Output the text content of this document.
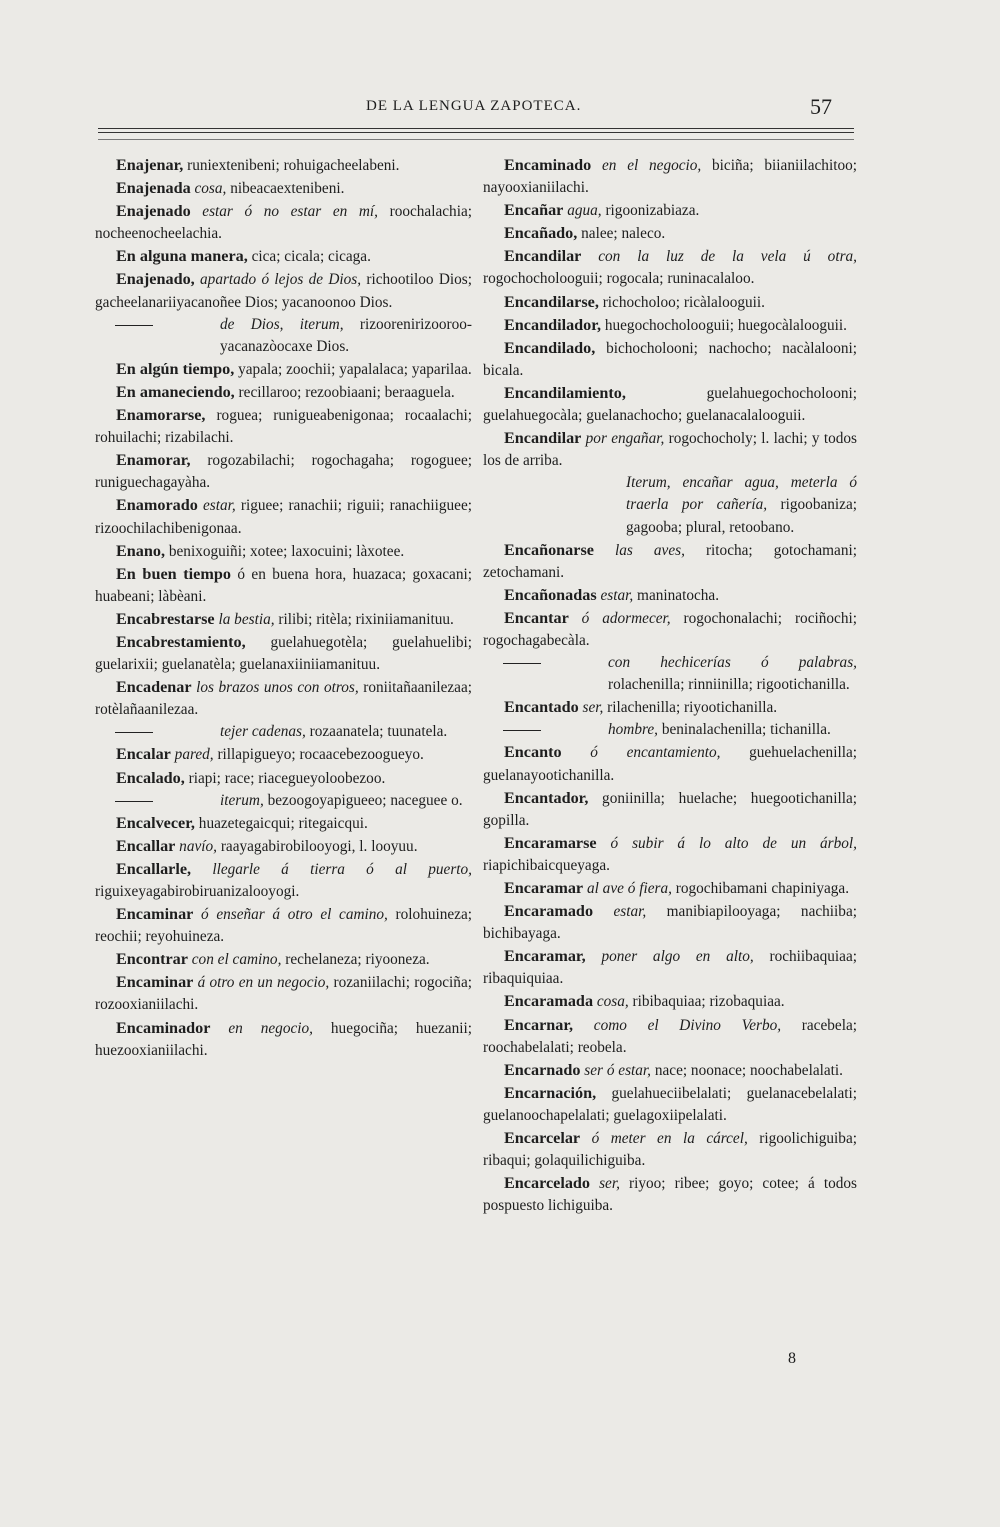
DE LA LENGUA ZAPOTECA.	57

Enajenar, runiextenibeni; rohuigacheelabeni.

Enajenada cosa, nibeacaextenibeni.

Enajenado estar ó no estar en mí, roochalachia; nocheenocheelachia.

En alguna manera, cica; cicala; cicaga.

Enajenado, apartado ó lejos de Dios, richootiloo Dios; gacheelanariiyacanoñee Dios; yacanoonoo Dios.

de Dios, iterum, rizoorenirizoorooyacanazòocaxe Dios.

En algún tiempo, yapala; zoochii; yapalalaca; yaparilaa.

En amaneciendo, recillaroo; rezoobiaani; beraaguela.

Enamorarse, roguea; runigueabenigonaa; rocaalachi; rohuilachi; rizabilachi.

Enamorar, rogozabilachi; rogochagaha; rogoguee; runiguechagayàha.

Enamorado estar, riguee; ranachii; riguii; ranachiiguee; rizoochilachibenigonaa.

Enano, benixoguiñi; xotee; laxocuini; làxotee.

En buen tiempo ó en buena hora, huazaca; goxacani; huabeani; làbèani.

Encabrestarse la bestia, rilibi; ritèla; rixiniiamanituu.

Encabrestamiento, guelahuegotèla; guelahuelibi; guelarixii; guelanatèla; guelanaxiiniiamanituu.

Encadenar los brazos unos con otros, roniitañaanilezaa; rotèlañaanilezaa.

tejer cadenas, rozaanatela; tuunatela.

Encalar pared, rillapigueyo; rocaacebezoogueyo.

Encalado, riapi; race; riacegueyoloobezoo.

iterum, bezoogoyapigueeo; naceguee o.

Encalvecer, huazetegaicqui; ritegaicqui.

Encallar navío, raayagabirobilooyogi, l. looyuu.

Encallarle, llegarle á tierra ó al puerto, riguixeyagabirobiruanizalooyogi.

Encaminar ó enseñar á otro el camino, rolohuineza; reochii; reyohuineza.

Encontrar con el camino, rechelaneza; riyooneza.

Encaminar á otro en un negocio, rozaniilachi; rogociña; rozooxianiilachi.

Encaminador en negocio, huegociña; huezanii; huezooxianiilachi.

Encaminado en el negocio, biciña; biianiilachitoo; nayooxianiilachi.

Encañar agua, rigoonizabiaza.

Encañado, nalee; naleco.

Encandilar con la luz de la vela ú otra, rogochocholooguii; rogocala; runinacalaloo.

Encandilarse, richocholoo; ricàlalooguii.

Encandilador, huegochocholooguii; huegocàlalooguii.

Encandilado, bichocholooni; nachocho; nacàlalooni; bicala.

Encandilamiento, guelahuegochocholooni; guelahuegocàla; guelanachocho; guelanacalalooguii.

Encandilar por engañar, rogochocholy; l. lachi; y todos los de arriba.

Iterum, encañar agua, meterla ó traerla por cañería, rigoobaniza; gagooba; plural, retoobano.

Encañonarse las aves, ritocha; gotochamani; zetochamani.

Encañonadas estar, maninatocha.

Encantar ó adormecer, rogochonalachi; rociñochi; rogochagabecàla.

con hechicerías ó palabras, rolachenilla; rinniinilla; rigootichanilla.

Encantado ser, rilachenilla; riyootichanilla.

hombre, beninalachenilla; tichanilla.

Encanto ó encantamiento, guehuelachenilla; guelanayootichanilla.

Encantador, goniinilla; huelache; huegootichanilla; gopilla.

Encaramarse ó subir á lo alto de un árbol, riapichibaicqueyaga.

Encaramar al ave ó fiera, rogochibamani chapiniyaga.

Encaramado estar, manibiapilooyaga; nachiiba; bichibayaga.

Encaramar, poner algo en alto, rochiibaquiaa; ribaquiquiaa.

Encaramada cosa, ribibaquiaa; rizobaquiaa.

Encarnar, como el Divino Verbo, racebela; roochabelalati; reobela.

Encarnado ser ó estar, nace; noonace; noochabelalati.

Encarnación, guelahueciibelalati; guelanacebelalati; guelanoochapelalati; guelagoxiipelalati.

Encarcelar ó meter en la cárcel, rigoolichiguiba; ribaqui; golaquilichiguiba.

Encarcelado ser, riyoo; ribee; goyo; cotee; á todos pospuesto lichiguiba.

8
